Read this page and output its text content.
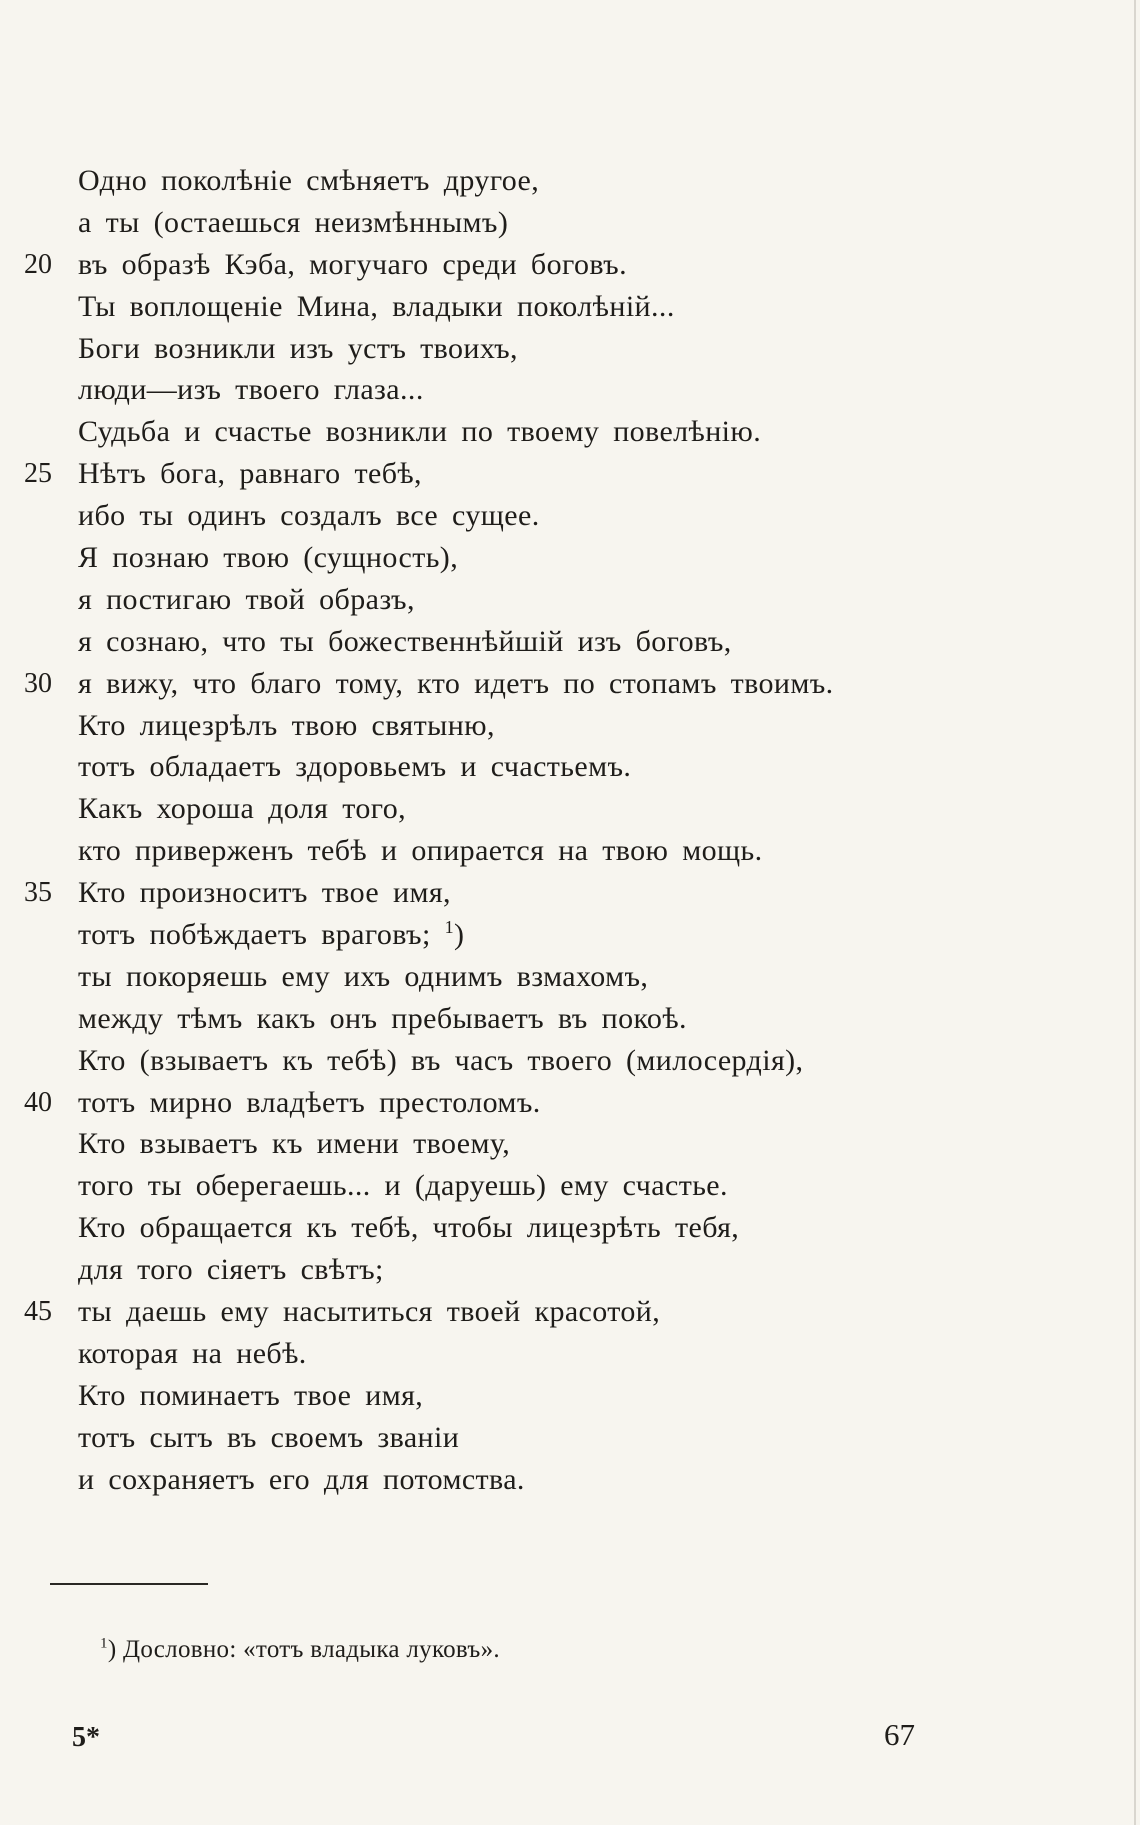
Одно поколѣніе смѣняетъ другое,
а ты (остаешься неизмѣннымъ)
20 въ образѣ Кэба, могучаго среди боговъ.
Ты воплощеніе Мина, владыки поколѣній...
Боги возникли изъ устъ твоихъ,
люди—изъ твоего глаза...
Судьба и счастье возникли по твоему повелѣнію.
25 Нѣтъ бога, равнаго тебѣ,
ибо ты одинъ создалъ все сущее.
Я познаю твою (сущность),
я постигаю твой образъ,
я сознаю, что ты божественнѣйшій изъ боговъ,
30 я вижу, что благо тому, кто идетъ по стопамъ твоимъ.
Кто лицезрѣлъ твою святыню,
тотъ обладаетъ здоровьемъ и счастьемъ.
Какъ хороша доля того,
кто приверженъ тебѣ и опирается на твою мощь.
35 Кто произноситъ твое имя,
тотъ побѣждаетъ враговъ; $^1$)
ты покоряешь ему ихъ однимъ взмахомъ,
между тѣмъ какъ онъ пребываетъ въ покоѣ.
Кто (взываетъ къ тебѣ) въ часъ твоего (милосердія),
40 тотъ мирно владѣетъ престоломъ.
Кто взываетъ къ имени твоему,
того ты оберегаешь... и (даруешь) ему счастье.
Кто обращается къ тебѣ, чтобы лицезрѣть тебя,
для того сіяетъ свѣтъ;
45 ты даешь ему насытиться твоей красотой,
которая на небѣ.
Кто поминаетъ твое имя,
тотъ сытъ въ своемъ званіи
и сохраняетъ его для потомства.
$^1$) Дословно: «тотъ владыка луковъ».
5*	67
